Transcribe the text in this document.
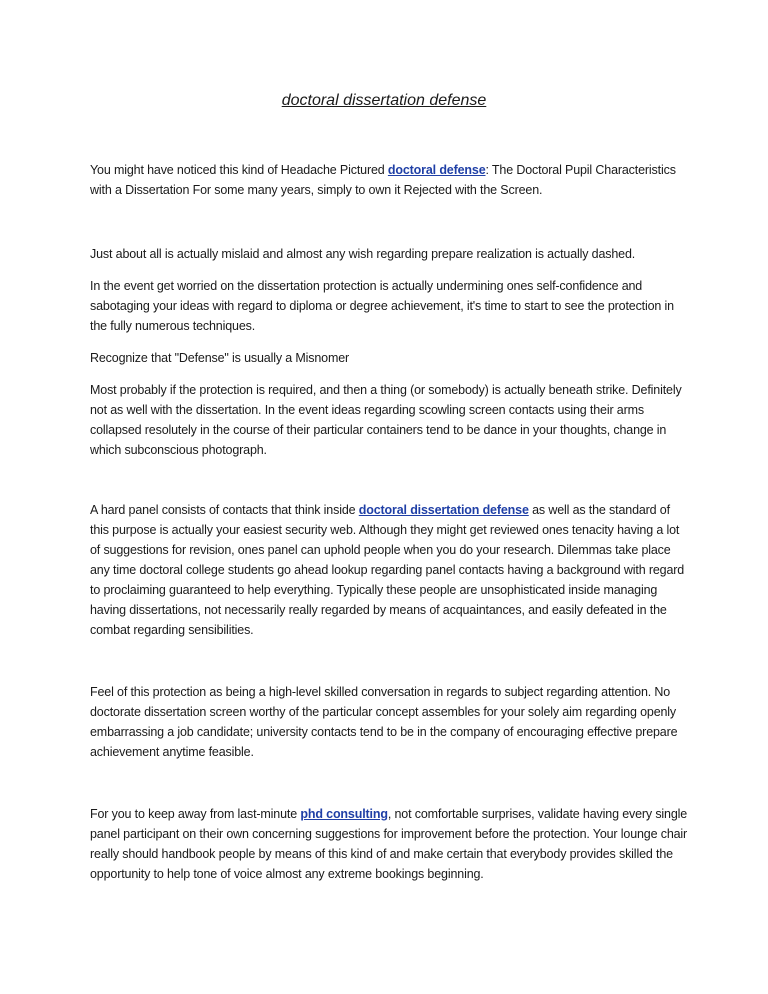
doctoral dissertation defense

You might have noticed this kind of Headache Pictured doctoral defense: The Doctoral Pupil Characteristics with a Dissertation For some many years, simply to own it Rejected with the Screen.

Just about all is actually mislaid and almost any wish regarding prepare realization is actually dashed.

In the event get worried on the dissertation protection is actually undermining ones self-confidence and sabotaging your ideas with regard to diploma or degree achievement, it's time to start to see the protection in the fully numerous techniques.

Recognize that "Defense" is usually a Misnomer

Most probably if the protection is required, and then a thing (or somebody) is actually beneath strike. Definitely not as well with the dissertation. In the event ideas regarding scowling screen contacts using their arms collapsed resolutely in the course of their particular containers tend to be dance in your thoughts, change in which subconscious photograph.

A hard panel consists of contacts that think inside doctoral dissertation defense as well as the standard of this purpose is actually your easiest security web. Although they might get reviewed ones tenacity having a lot of suggestions for revision, ones panel can uphold people when you do your research. Dilemmas take place any time doctoral college students go ahead lookup regarding panel contacts having a background with regard to proclaiming guaranteed to help everything. Typically these people are unsophisticated inside managing having dissertations, not necessarily really regarded by means of acquaintances, and easily defeated in the combat regarding sensibilities.

Feel of this protection as being a high-level skilled conversation in regards to subject regarding attention. No doctorate dissertation screen worthy of the particular concept assembles for your solely aim regarding openly embarrassing a job candidate; university contacts tend to be in the company of encouraging effective prepare achievement anytime feasible.

For you to keep away from last-minute phd consulting, not comfortable surprises, validate having every single panel participant on their own concerning suggestions for improvement before the protection. Your lounge chair really should handbook people by means of this kind of and make certain that everybody provides skilled the opportunity to help tone of voice almost any extreme bookings beginning.
